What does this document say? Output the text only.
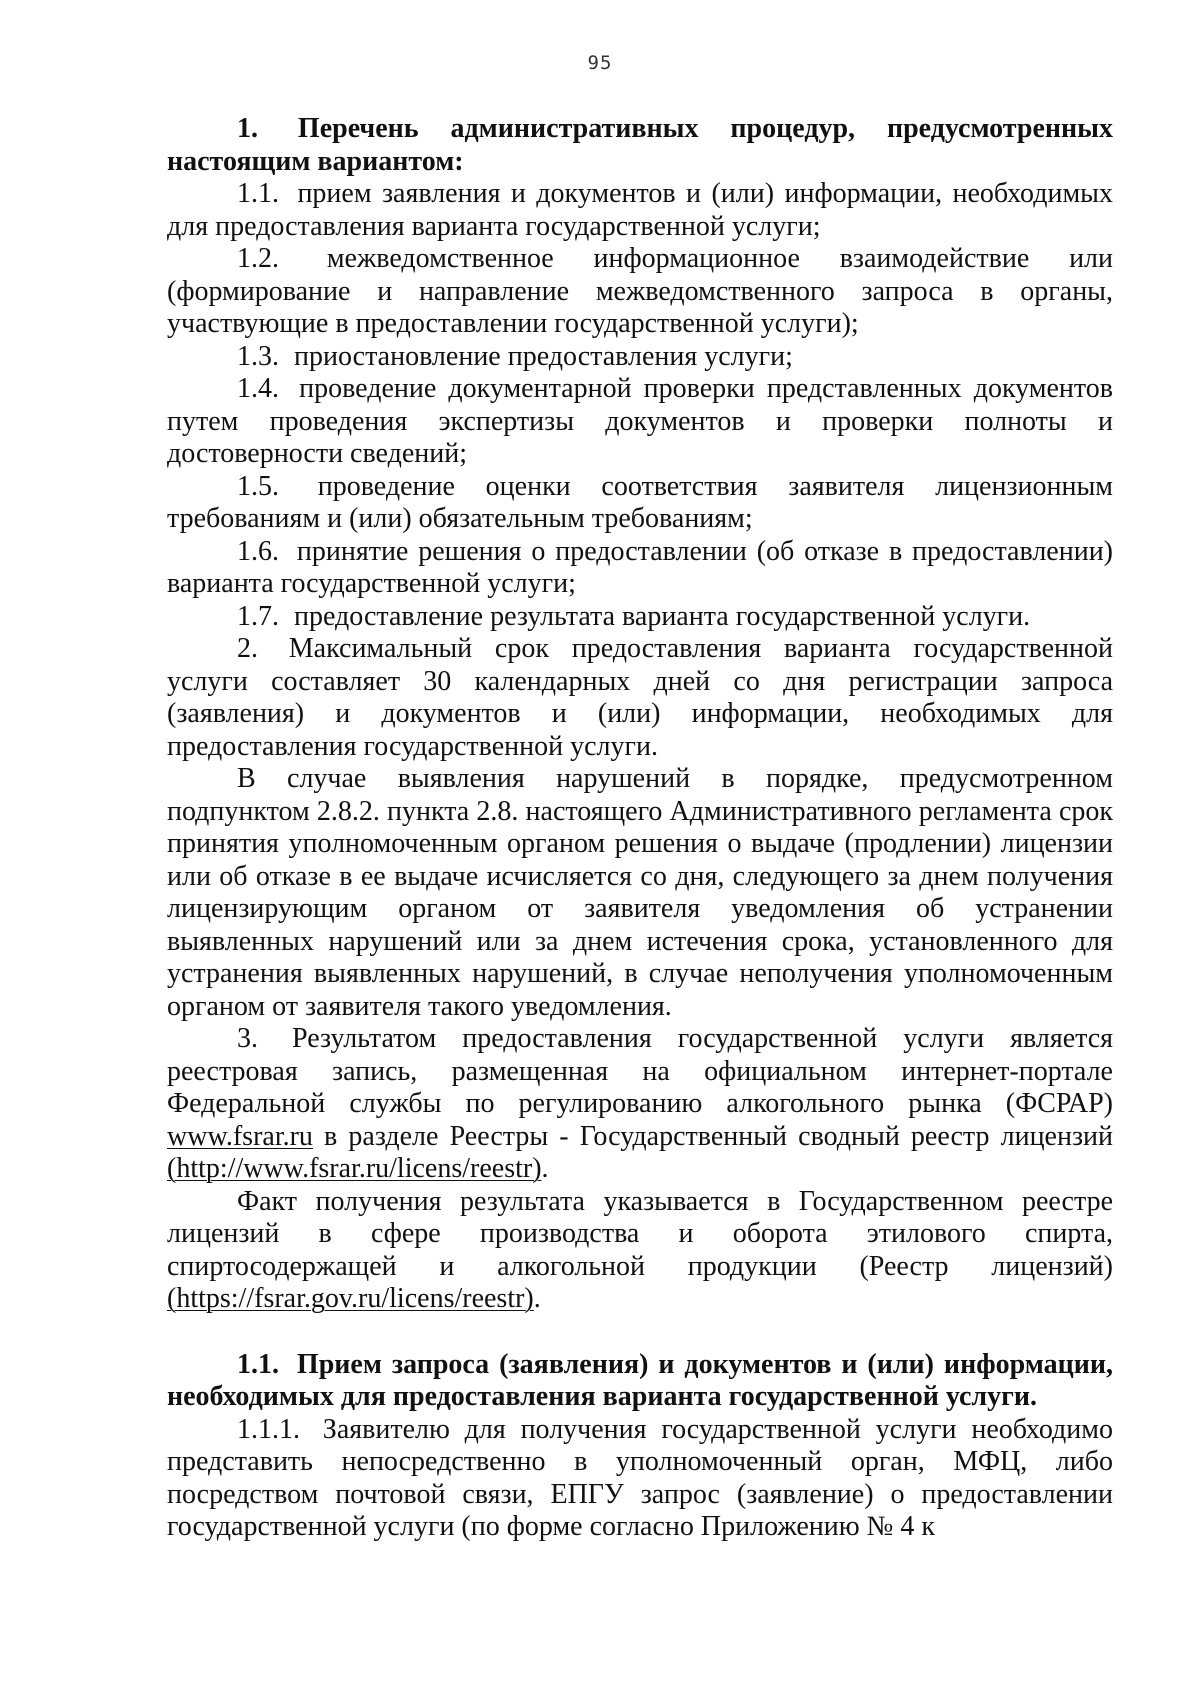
95

1. Перечень административных процедур, предусмотренных настоящим вариантом:

1.1. прием заявления и документов и (или) информации, необходимых для предоставления варианта государственной услуги;

1.2. межведомственное информационное взаимодействие или (формирование и направление межведомственного запроса в органы, участвующие в предоставлении государственной услуги);

1.3. приостановление предоставления услуги;

1.4. проведение документарной проверки представленных документов путем проведения экспертизы документов и проверки полноты и достоверности сведений;

1.5. проведение оценки соответствия заявителя лицензионным требованиям и (или) обязательным требованиям;

1.6. принятие решения о предоставлении (об отказе в предоставлении) варианта государственной услуги;

1.7. предоставление результата варианта государственной услуги.

2. Максимальный срок предоставления варианта государственной услуги составляет 30 календарных дней со дня регистрации запроса (заявления) и документов и (или) информации, необходимых для предоставления государственной услуги.

В случае выявления нарушений в порядке, предусмотренном подпунктом 2.8.2. пункта 2.8. настоящего Административного регламента срок принятия уполномоченным органом решения о выдаче (продлении) лицензии или об отказе в ее выдаче исчисляется со дня, следующего за днем получения лицензирующим органом от заявителя уведомления об устранении выявленных нарушений или за днем истечения срока, установленного для устранения выявленных нарушений, в случае неполучения уполномоченным органом от заявителя такого уведомления.

3. Результатом предоставления государственной услуги является реестровая запись, размещенная на официальном интернет-портале Федеральной службы по регулированию алкогольного рынка (ФСРАР) www.fsrar.ru в разделе Реестры - Государственный сводный реестр лицензий (http://www.fsrar.ru/licens/reestr).

Факт получения результата указывается в Государственном реестре лицензий в сфере производства и оборота этилового спирта, спиртосодержащей и алкогольной продукции (Реестр лицензий) (https://fsrar.gov.ru/licens/reestr).

1.1. Прием запроса (заявления) и документов и (или) информации, необходимых для предоставления варианта государственной услуги.

1.1.1. Заявителю для получения государственной услуги необходимо представить непосредственно в уполномоченный орган, МФЦ, либо посредством почтовой связи, ЕПГУ запрос (заявление) о предоставлении государственной услуги (по форме согласно Приложению № 4 к
